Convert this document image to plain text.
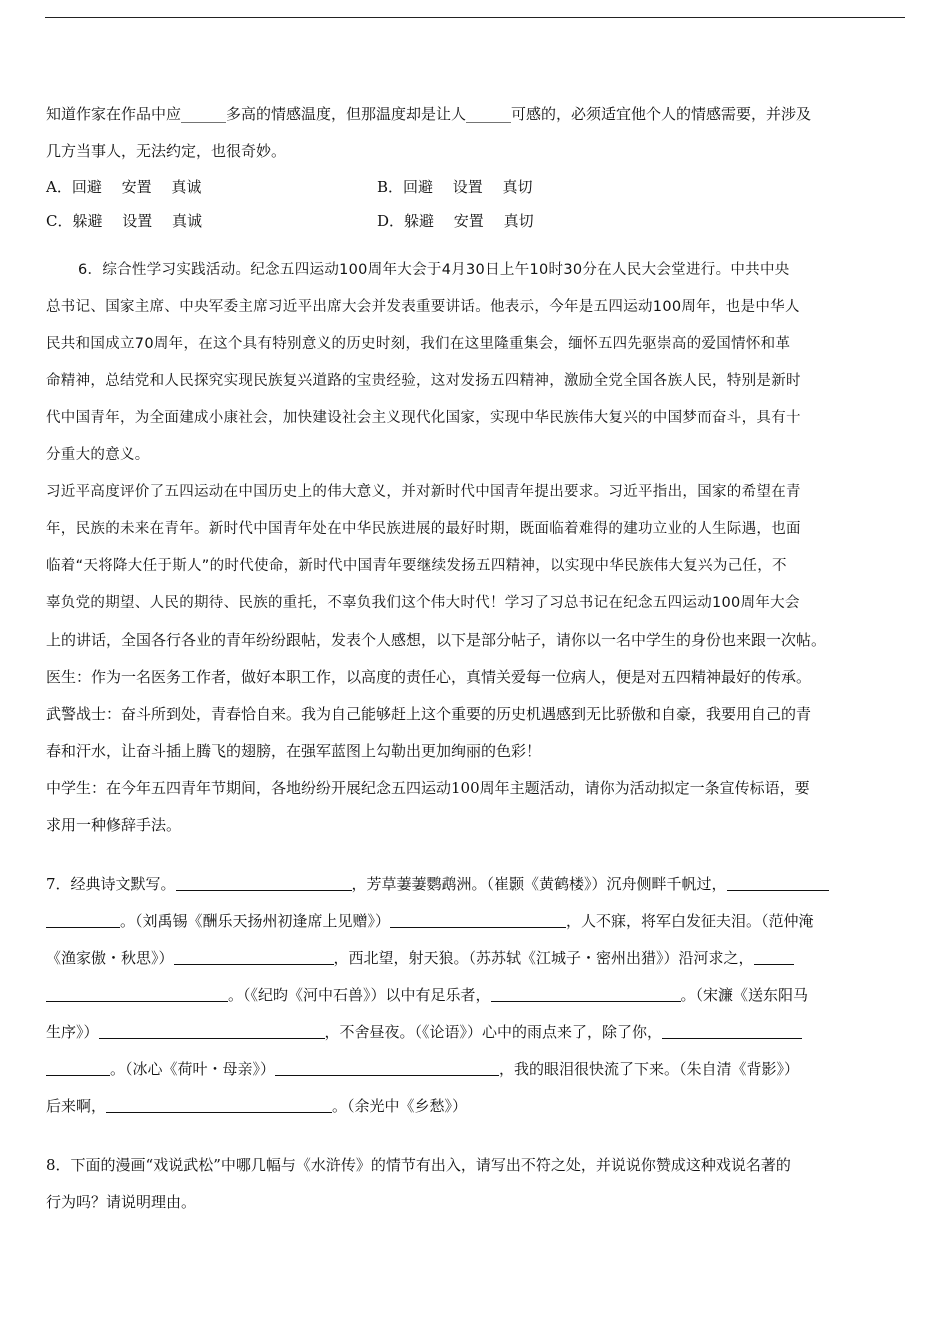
知道作家在作品中应______多高的情感温度，但那温度却是让人______可感的，必须适宜他个人的情感需要，并涉及
几方当事人，无法约定，也很奇妙。
A．回避　 安置　 真诚	B．回避　 设置　 真切
C．躲避　 设置　 真诚	D．躲避　 安置　 真切
6．综合性学习实践活动。纪念五四运动100周年大会于4月30日上午10时30分在人民大会堂进行。中共中央
总书记、国家主席、中央军委主席习近平出席大会并发表重要讲话。他表示，今年是五四运动100周年，也是中华人
民共和国成立70周年，在这个具有特别意义的历史时刻，我们在这里隆重集会，缅怀五四先驱崇高的爱国情怀和革
命精神，总结党和人民探究实现民族复兴道路的宝贵经验，这对发扬五四精神，激励全党全国各族人民，特别是新时
代中国青年，为全面建成小康社会，加快建设社会主义现代化国家，实现中华民族伟大复兴的中国梦而奋斗，具有十
分重大的意义。
习近平高度评价了五四运动在中国历史上的伟大意义，并对新时代中国青年提出要求。习近平指出，国家的希望在青
年，民族的未来在青年。新时代中国青年处在中华民族进展的最好时期，既面临着难得的建功立业的人生际遇，也面
临着“天将降大任于斯人”的时代使命，新时代中国青年要继续发扬五四精神，以实现中华民族伟大复兴为己任，不
辜负党的期望、人民的期待、民族的重托，不辜负我们这个伟大时代！学习了习总书记在纪念五四运动100周年大会
上的讲话，全国各行各业的青年纷纷跟帖，发表个人感想，以下是部分帖子，请你以一名中学生的身份也来跟一次帖。
医生：作为一名医务工作者，做好本职工作，以高度的责任心，真情关爱每一位病人，便是对五四精神最好的传承。
武警战士：奋斗所到处，青春恰自来。我为自己能够赶上这个重要的历史机遇感到无比骄傲和自豪，我要用自己的青
春和汗水，让奋斗插上腾飞的翅膀，在强军蓝图上勾勒出更加绚丽的色彩！
中学生：在今年五四青年节期间，各地纷纷开展纪念五四运动100周年主题活动，请你为活动拟定一条宣传标语，要
求用一种修辞手法。
7．经典诗文默写。	，芳草萋萋鹦鹉洲。（崔颢《黄鹤楼》）沉舟侧畔千帆过，
。（刘禹锡《酬乐天扬州初逢席上见赠》）	，人不寐，将军白发征夫泪。（范仲淹
《渔家傲・秋思》）	，西北望，射天狼。（苏苏轼《江城子・密州出猎》）沿河求之，
。（《纪昀《河中石兽》）以中有足乐者，	。（宋濂《送东阳马
生序》）	，不舍昼夜。（《论语》）心中的雨点来了，除了你，
。（冰心《荷叶・母亲》）	，我的眼泪很快流了下来。（朱自清《背影》）
后来啊，	。（余光中《乡愁》）
8．下面的漫画“戏说武松”中哪几幅与《水浒传》的情节有出入，请写出不符之处，并说说你赞成这种戏说名著的
行为吗？请说明理由。
